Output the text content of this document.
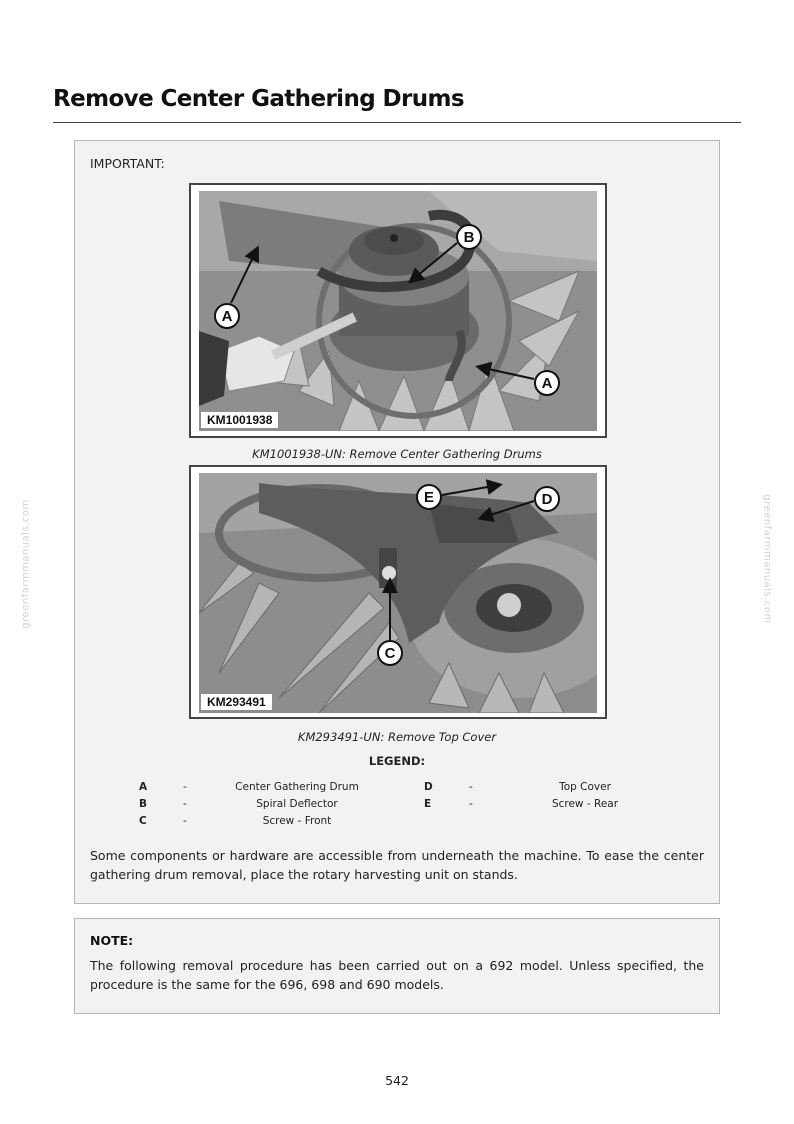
greenfarmmanuals.com	greenfarmmanuals.com
Remove Center Gathering Drums
IMPORTANT:
B
A
A
KM1001938
KM1001938-UN: Remove Center Gathering Drums
E	D
C
KM293491
KM293491-UN: Remove Top Cover
LEGEND:
A	-	Center Gathering Drum	D	-	Top Cover
B	-	Spiral Deflector	E	-	Screw - Rear
C	-	Screw - Front

Some components or hardware are accessible from underneath the machine. To ease the center gathering drum removal, place the rotary harvesting unit on stands.

NOTE:

The following removal procedure has been carried out on a 692 model. Unless specified, the procedure is the same for the 696, 698 and 690 models.

542
